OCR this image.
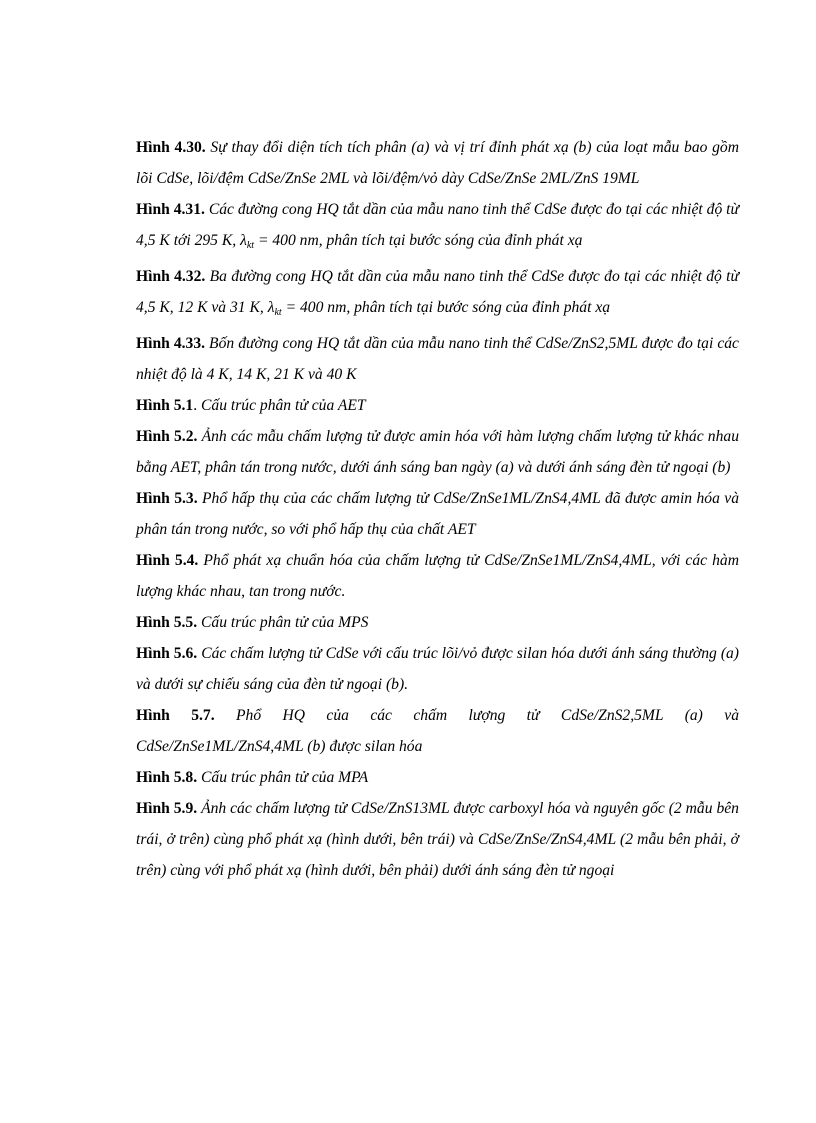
Hình 4.30. Sự thay đổi diện tích tích phân (a) và vị trí đỉnh phát xạ (b) của loạt mẫu bao gồm lõi CdSe, lõi/đệm CdSe/ZnSe 2ML và lõi/đệm/vỏ dày CdSe/ZnSe 2ML/ZnS 19ML

Hình 4.31. Các đường cong HQ tắt dần của mẫu nano tinh thể CdSe được đo tại các nhiệt độ từ 4,5 K tới 295 K, $\lambda_{kt} = 400$ nm, phân tích tại bước sóng của đỉnh phát xạ

Hình 4.32. Ba đường cong HQ tắt dần của mẫu nano tinh thể CdSe được đo tại các nhiệt độ từ 4,5 K, 12 K và 31 K, $\lambda_{kt} = 400$ nm, phân tích tại bước sóng của đỉnh phát xạ

Hình 4.33. Bốn đường cong HQ tắt dần của mẫu nano tinh thể CdSe/ZnS2,5ML được đo tại các nhiệt độ là 4 K, 14 K, 21 K và 40 K

Hình 5.1. Cấu trúc phân tử của AET

Hình 5.2. Ảnh các mẫu chấm lượng tử được amin hóa với hàm lượng chấm lượng tử khác nhau bằng AET, phân tán trong nước, dưới ánh sáng ban ngày (a) và dưới ánh sáng đèn tử ngoại (b)

Hình 5.3. Phổ hấp thụ của các chấm lượng tử CdSe/ZnSe1ML/ZnS4,4ML đã được amin hóa và phân tán trong nước, so với phổ hấp thụ của chất AET

Hình 5.4. Phổ phát xạ chuẩn hóa của chấm lượng tử CdSe/ZnSe1ML/ZnS4,4ML, với các hàm lượng khác nhau, tan trong nước.

Hình 5.5. Cấu trúc phân tử của MPS

Hình 5.6. Các chấm lượng tử CdSe với cấu trúc lõi/vỏ được silan hóa dưới ánh sáng thường (a) và dưới sự chiếu sáng của đèn tử ngoại (b).

Hình 5.7. Phổ HQ của các chấm lượng tử CdSe/ZnS2,5ML (a) và
CdSe/ZnSe1ML/ZnS4,4ML (b) được silan hóa

Hình 5.8. Cấu trúc phân tử của MPA

Hình 5.9. Ảnh các chấm lượng tử CdSe/ZnS13ML được carboxyl hóa và nguyên gốc (2 mẫu bên trái, ở trên) cùng phổ phát xạ (hình dưới, bên trái) và CdSe/ZnSe/ZnS4,4ML (2 mẫu bên phải, ở trên) cùng với phổ phát xạ (hình dưới, bên phải) dưới ánh sáng đèn tử ngoại
